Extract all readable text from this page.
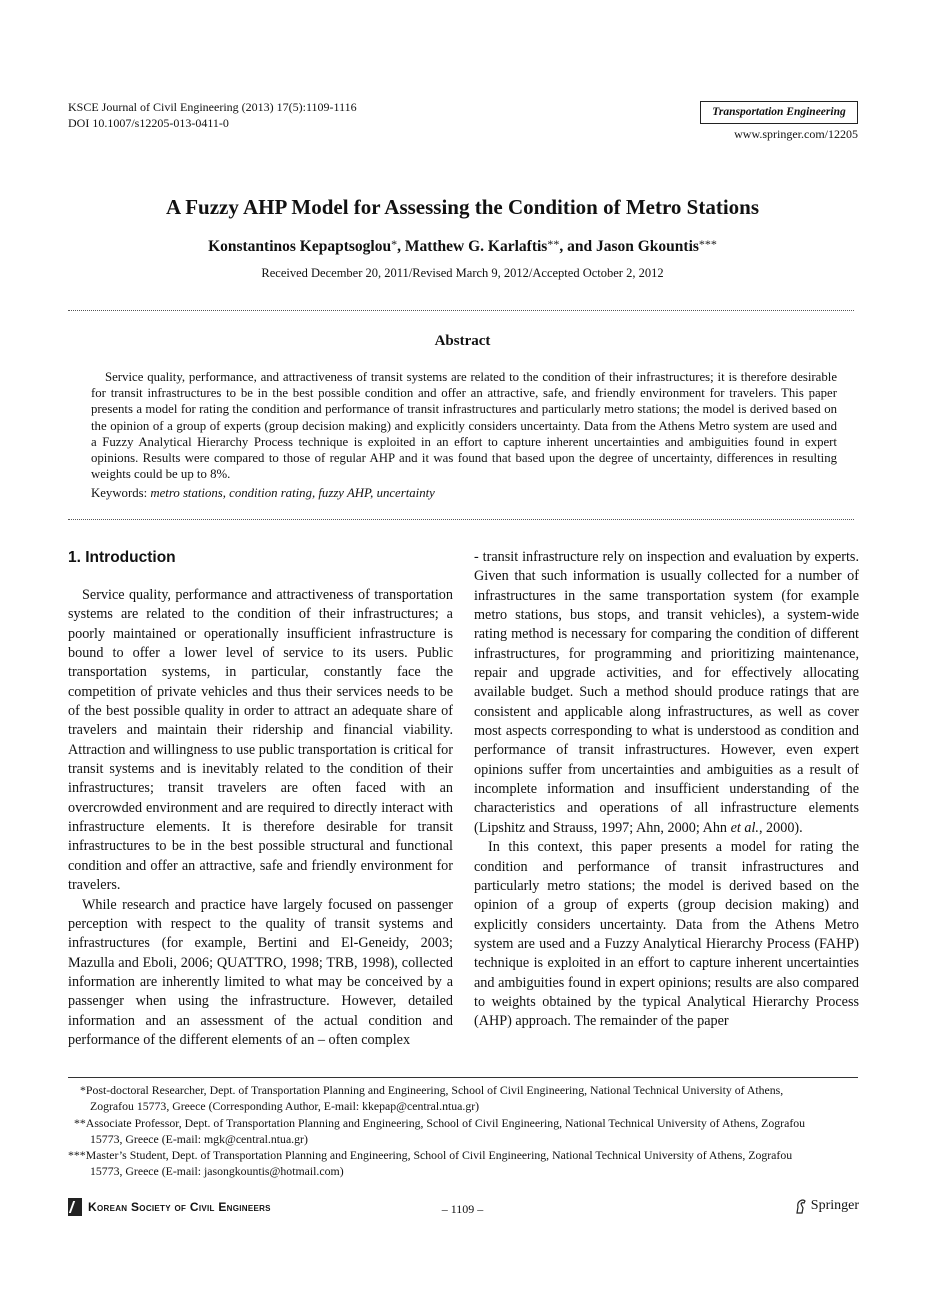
KSCE Journal of Civil Engineering (2013) 17(5):1109-1116
DOI 10.1007/s12205-013-0411-0
Transportation Engineering
www.springer.com/12205
A Fuzzy AHP Model for Assessing the Condition of Metro Stations
Konstantinos Kepaptsoglou*, Matthew G. Karlaftis**, and Jason Gkountis***
Received December 20, 2011/Revised March 9, 2012/Accepted October 2, 2012
Abstract

Service quality, performance, and attractiveness of transit systems are related to the condition of their infrastructures; it is therefore desirable for transit infrastructures to be in the best possible condition and offer an attractive, safe, and friendly environment for travelers. This paper presents a model for rating the condition and performance of transit infrastructures and particularly metro stations; the model is derived based on the opinion of a group of experts (group decision making) and explicitly considers uncertainty. Data from the Athens Metro system are used and a Fuzzy Analytical Hierarchy Process technique is exploited in an effort to capture inherent uncertainties and ambiguities found in expert opinions. Results were compared to those of regular AHP and it was found that based upon the degree of uncertainty, differences in resulting weights could be up to 8%.

Keywords: metro stations, condition rating, fuzzy AHP, uncertainty
1. Introduction

Service quality, performance and attractiveness of transportation systems are related to the condition of their infrastructures; a poorly maintained or operationally insufficient infrastructure is bound to offer a lower level of service to its users. Public transportation systems, in particular, constantly face the competition of private vehicles and thus their services needs to be of the best possible quality in order to attract an adequate share of travelers and maintain their ridership and financial viability. Attraction and willingness to use public transportation is critical for transit systems and is inevitably related to the condition of their infrastructures; transit travelers are often faced with an overcrowded environment and are required to directly interact with infrastructure elements. It is therefore desirable for transit infrastructures to be in the best possible structural and functional condition and offer an attractive, safe and friendly environment for travelers.

While research and practice have largely focused on passenger perception with respect to the quality of transit systems and infrastructures (for example, Bertini and El-Geneidy, 2003; Mazulla and Eboli, 2006; QUATTRO, 1998; TRB, 1998), collected information are inherently limited to what may be conceived by a passenger when using the infrastructure. However, detailed information and an assessment of the actual condition and performance of the different elements of an – often complex

- transit infrastructure rely on inspection and evaluation by experts. Given that such information is usually collected for a number of infrastructures in the same transportation system (for example metro stations, bus stops, and transit vehicles), a system-wide rating method is necessary for comparing the condition of different infrastructures, for programming and prioritizing maintenance, repair and upgrade activities, and for effectively allocating available budget. Such a method should produce ratings that are consistent and applicable along infrastructures, as well as cover most aspects corresponding to what is understood as condition and performance of transit infrastructures. However, even expert opinions suffer from uncertainties and ambiguities as a result of incomplete information and insufficient understanding of the characteristics and operations of all infrastructure elements (Lipshitz and Strauss, 1997; Ahn, 2000; Ahn et al., 2000).

In this context, this paper presents a model for rating the condition and performance of transit infrastructures and particularly metro stations; the model is derived based on the opinion of a group of experts (group decision making) and explicitly considers uncertainty. Data from the Athens Metro system are used and a Fuzzy Analytical Hierarchy Process (FAHP) technique is exploited in an effort to capture inherent uncertainties and ambiguities found in expert opinions; results are also compared to weights obtained by the typical Analytical Hierarchy Process (AHP) approach. The remainder of the paper

*Post-doctoral Researcher, Dept. of Transportation Planning and Engineering, School of Civil Engineering, National Technical University of Athens,
Zografou 15773, Greece (Corresponding Author, E-mail: kkepap@central.ntua.gr)
**Associate Professor, Dept. of Transportation Planning and Engineering, School of Civil Engineering, National Technical University of Athens, Zografou
15773, Greece (E-mail: mgk@central.ntua.gr)
***Master’s Student, Dept. of Transportation Planning and Engineering, School of Civil Engineering, National Technical University of Athens, Zografou
15773, Greece (E-mail: jasongkountis@hotmail.com)
Korean Society of Civil Engineers	– 1109 –	Springer
